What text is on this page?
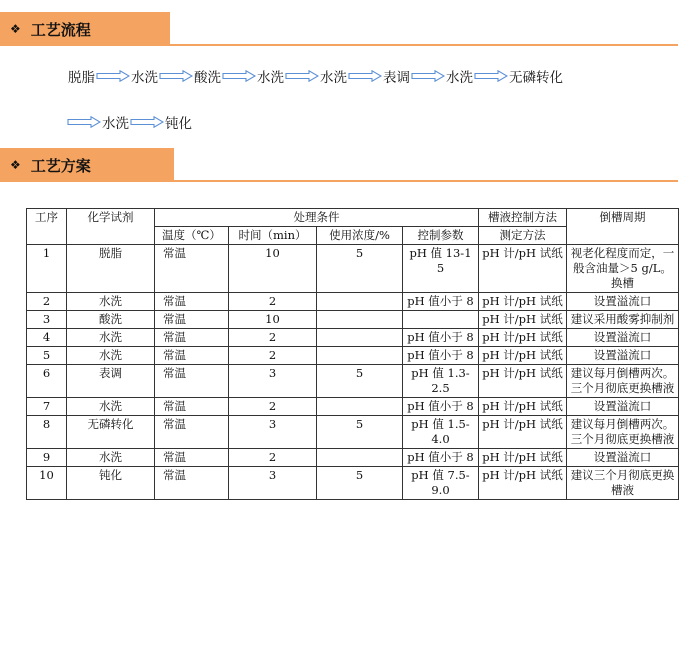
❖ 工艺流程
脱脂	水洗	酸洗	水洗	水洗	表调	水洗	无磷转化
水洗	钝化
❖ 工艺方案
工序	化学试剂	处理条件				槽液控制方法	倒槽周期
		温度（℃）	时间（min）	使用浓度/%	控制参数	测定方法	
1	脱脂	常温	10	5	pH 值 13-15	pH 计/pH 试纸	视老化程度而定，一般含油量＞5 g/L。换槽
2	水洗	常温	2		pH 值小于 8	pH 计/pH 试纸	设置溢流口
3	酸洗	常温	10			pH 计/pH 试纸	建议采用酸雾抑制剂
4	水洗	常温	2		pH 值小于 8	pH 计/pH 试纸	设置溢流口
5	水洗	常温	2		pH 值小于 8	pH 计/pH 试纸	设置溢流口
6	表调	常温	3	5	pH 值 1.3-2.5	pH 计/pH 试纸	建议每月倒槽两次。三个月彻底更换槽液
7	水洗	常温	2		pH 值小于 8	pH 计/pH 试纸	设置溢流口
8	无磷转化	常温	3	5	pH 值 1.5-4.0	pH 计/pH 试纸	建议每月倒槽两次。三个月彻底更换槽液
9	水洗	常温	2		pH 值小于 8	pH 计/pH 试纸	设置溢流口
10	钝化	常温	3	5	pH 值 7.5-9.0	pH 计/pH 试纸	建议三个月彻底更换槽液
